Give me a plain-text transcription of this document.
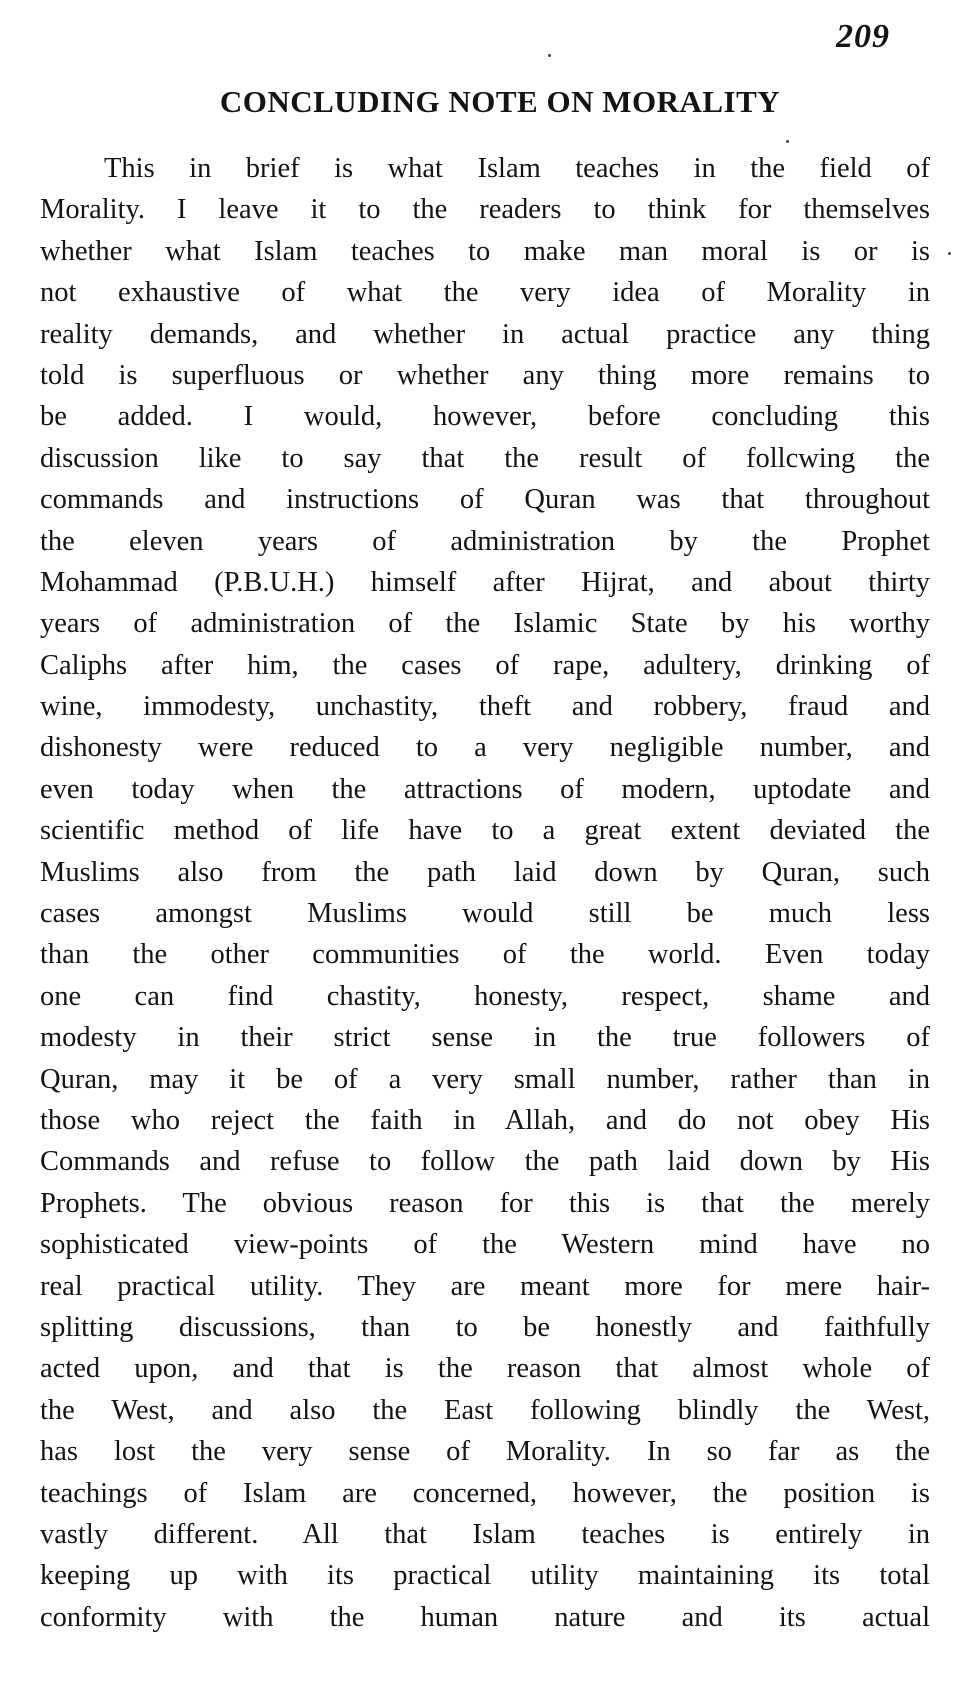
209
CONCLUDING NOTE ON MORALITY
This in brief is what Islam teaches in the field of
Morality. I leave it to the readers to think for themselves
whether what Islam teaches to make man moral is or is
not exhaustive of what the very idea of Morality in
reality demands, and whether in actual practice any thing
told is superfluous or whether any thing more remains to
be added. I would, however, before concluding this
discussion like to say that the result of follcwing the
commands and instructions of Quran was that throughout
the eleven years of administration by the Prophet
Mohammad (P.B.U.H.) himself after Hijrat, and about thirty
years of administration of the Islamic State by his worthy
Caliphs after him, the cases of rape, adultery, drinking of
wine, immodesty, unchastity, theft and robbery, fraud and
dishonesty were reduced to a very negligible number, and
even today when the attractions of modern, uptodate and
scientific method of life have to a great extent deviated the
Muslims also from the path laid down by Quran, such
cases amongst Muslims would still be much less
than the other communities of the world. Even today
one can find chastity, honesty, respect, shame and
modesty in their strict sense in the true followers of
Quran, may it be of a very small number, rather than in
those who reject the faith in Allah, and do not obey His
Commands and refuse to follow the path laid down by His
Prophets. The obvious reason for this is that the merely
sophisticated view-points of the Western mind have no
real practical utility. They are meant more for mere hair-
splitting discussions, than to be honestly and faithfully
acted upon, and that is the reason that almost whole of
the West, and also the East following blindly the West,
has lost the very sense of Morality. In so far as the
teachings of Islam are concerned, however, the position is
vastly different. All that Islam teaches is entirely in
keeping up with its practical utility maintaining its total
conformity with the human nature and its actual
